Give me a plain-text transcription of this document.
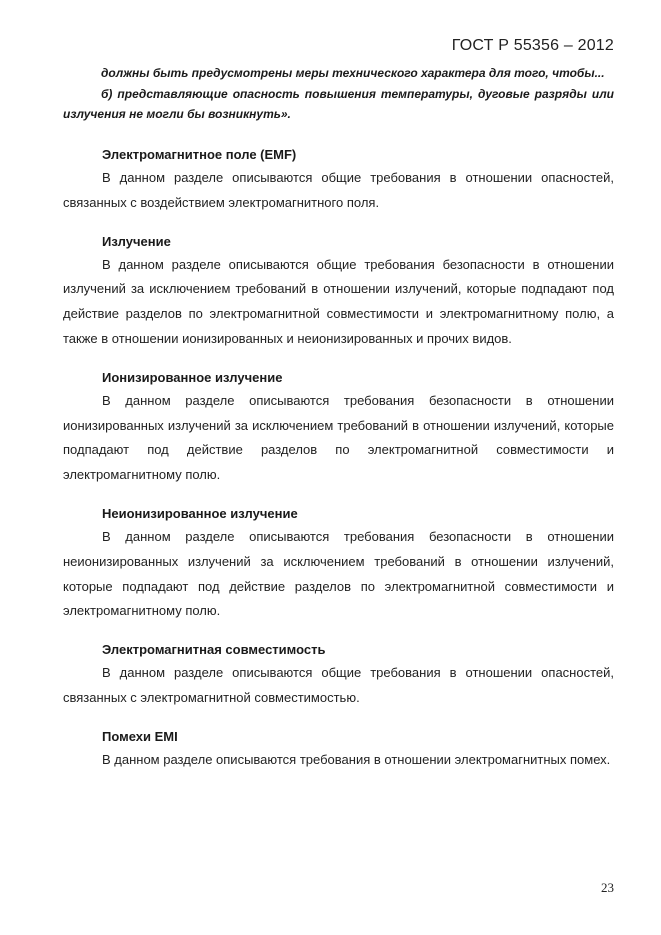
ГОСТ Р 55356 – 2012

должны быть предусмотрены меры технического характера для того, чтобы...

б) представляющие опасность повышения температуры, дуговые разряды или излучения не могли бы возникнуть».

Электромагнитное поле (EMF)

В данном разделе описываются общие требования в отношении опасностей, связанных с воздействием электромагнитного поля.

Излучение

В данном разделе описываются общие требования безопасности в отношении излучений за исключением требований в отношении излучений, которые подпадают под действие разделов по электромагнитной совместимости и электромагнитному полю, а также в отношении ионизированных и неионизированных и прочих видов.

Ионизированное излучение

В данном разделе описываются требования безопасности в отношении ионизированных излучений за исключением требований в отношении излучений, которые подпадают под действие разделов по электромагнитной совместимости и электромагнитному полю.

Неионизированное излучение

В данном разделе описываются требования безопасности в отношении неионизированных излучений за исключением требований в отношении излучений, которые подпадают под действие разделов по электромагнитной совместимости и электромагнитному полю.

Электромагнитная совместимость

В данном разделе описываются общие требования в отношении опасностей, связанных с электромагнитной совместимостью.

Помехи EMI

В данном разделе описываются требования в отношении электромагнитных помех.

23
